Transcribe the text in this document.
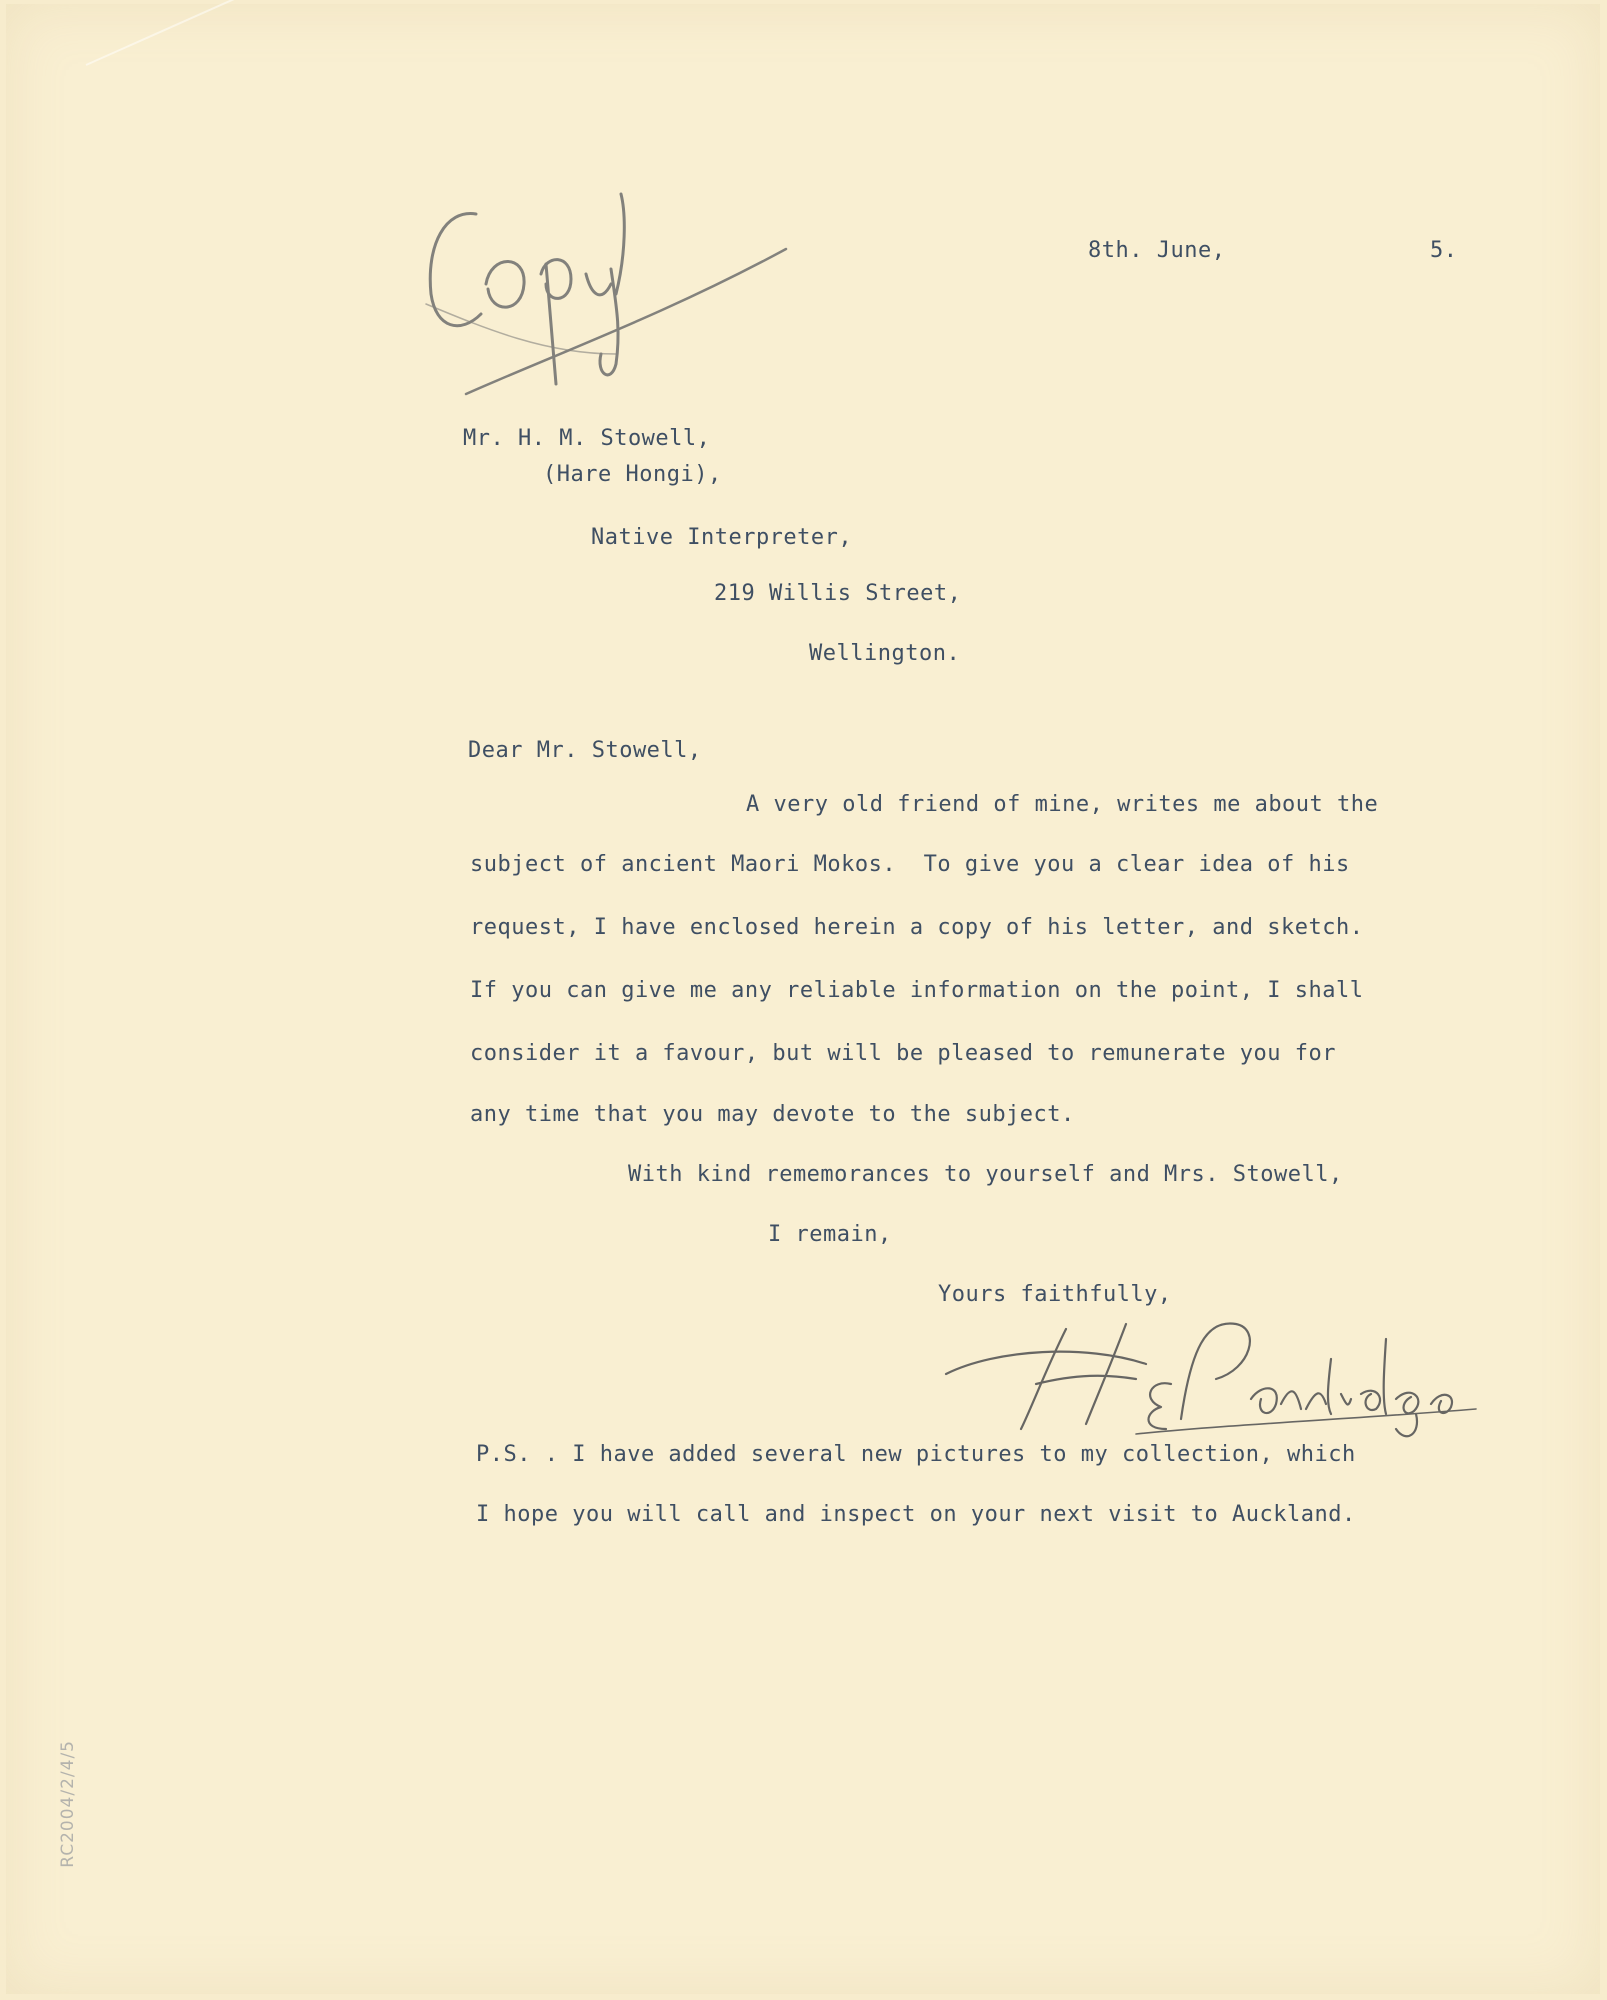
8th. June,	5.
Mr. H. M. Stowell,
(Hare Hongi),
Native Interpreter,
219 Willis Street,
Wellington.
Dear Mr. Stowell,
A very old friend of mine, writes me about the
subject of ancient Maori Mokos.  To give you a clear idea of his
request, I have enclosed herein a copy of his letter, and sketch.
If you can give me any reliable information on the point, I shall
consider it a favour, but will be pleased to remunerate you for
any time that you may devote to the subject.
With kind rememorances to yourself and Mrs. Stowell,
I remain,
Yours faithfully,
P.S. . I have added several new pictures to my collection, which
I hope you will call and inspect on your next visit to Auckland.
RC2004/2/4/5
